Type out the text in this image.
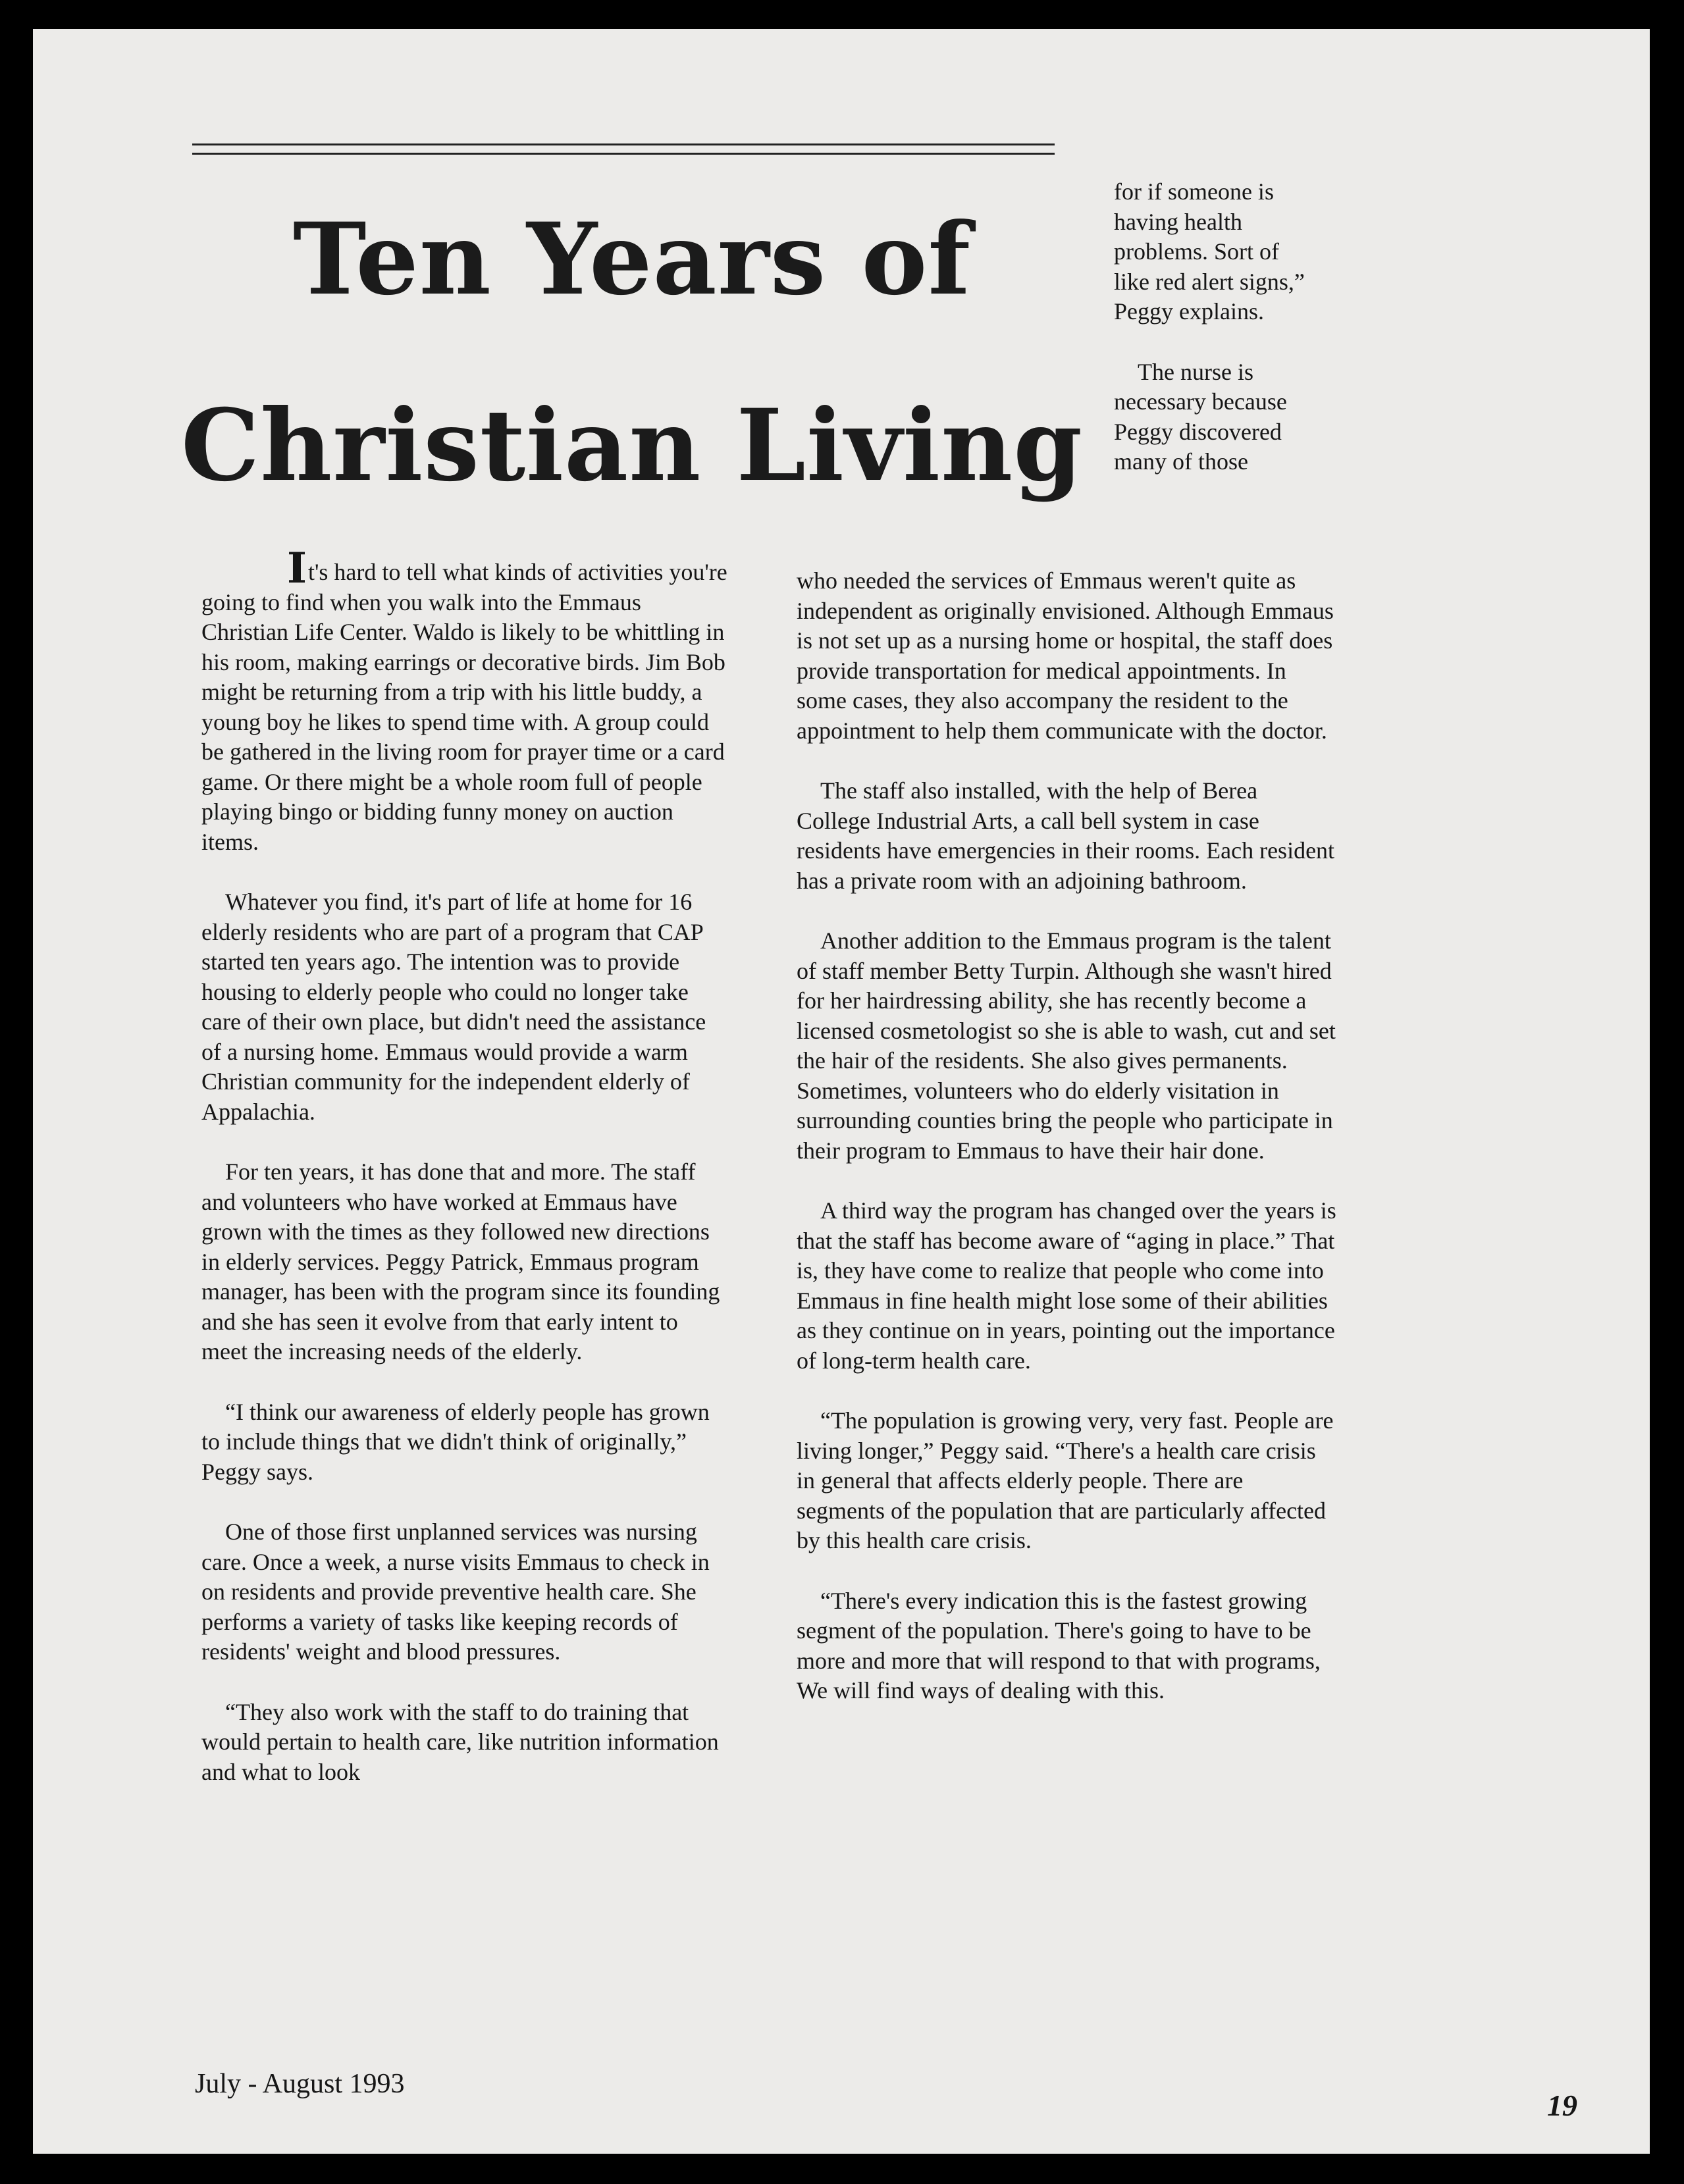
Ten Years of
Christian Living

for if someone is having health problems. Sort of like red alert signs,” Peggy explains.

The nurse is necessary because Peggy discovered many of those

It's hard to tell what kinds of activities you're going to find when you walk into the Emmaus Christian Life Center. Waldo is likely to be whittling in his room, making earrings or decorative birds. Jim Bob might be returning from a trip with his little buddy, a young boy he likes to spend time with. A group could be gathered in the living room for prayer time or a card game. Or there might be a whole room full of people playing bingo or bidding funny money on auction items.

Whatever you find, it's part of life at home for 16 elderly residents who are part of a program that CAP started ten years ago. The intention was to provide housing to elderly people who could no longer take care of their own place, but didn't need the assistance of a nursing home. Emmaus would provide a warm Christian community for the independent elderly of Appalachia.

For ten years, it has done that and more. The staff and volunteers who have worked at Emmaus have grown with the times as they followed new directions in elderly services. Peggy Patrick, Emmaus program manager, has been with the program since its founding and she has seen it evolve from that early intent to meet the increasing needs of the elderly.

“I think our awareness of elderly people has grown to include things that we didn't think of originally,” Peggy says.

One of those first unplanned services was nursing care. Once a week, a nurse visits Emmaus to check in on residents and provide preventive health care. She performs a variety of tasks like keeping records of residents' weight and blood pressures.

“They also work with the staff to do training that would pertain to health care, like nutrition information and what to look

who needed the services of Emmaus weren't quite as independent as originally envisioned. Although Emmaus is not set up as a nursing home or hospital, the staff does provide transportation for medical appointments. In some cases, they also accompany the resident to the appointment to help them communicate with the doctor.

The staff also installed, with the help of Berea College Industrial Arts, a call bell system in case residents have emergencies in their rooms. Each resident has a private room with an adjoining bathroom.

Another addition to the Emmaus program is the talent of staff member Betty Turpin. Although she wasn't hired for her hairdressing ability, she has recently become a licensed cosmetologist so she is able to wash, cut and set the hair of the residents. She also gives permanents. Sometimes, volunteers who do elderly visitation in surrounding counties bring the people who participate in their program to Emmaus to have their hair done.

A third way the program has changed over the years is that the staff has become aware of “aging in place.” That is, they have come to realize that people who come into Emmaus in fine health might lose some of their abilities as they continue on in years, pointing out the importance of long-term health care.

“The population is growing very, very fast. People are living longer,” Peggy said. “There's a health care crisis in general that affects elderly people. There are segments of the population that are particularly affected by this health care crisis.

“There's every indication this is the fastest growing segment of the population. There's going to have to be more and more that will respond to that with programs, We will find ways of dealing with this.

July - August 1993
19
